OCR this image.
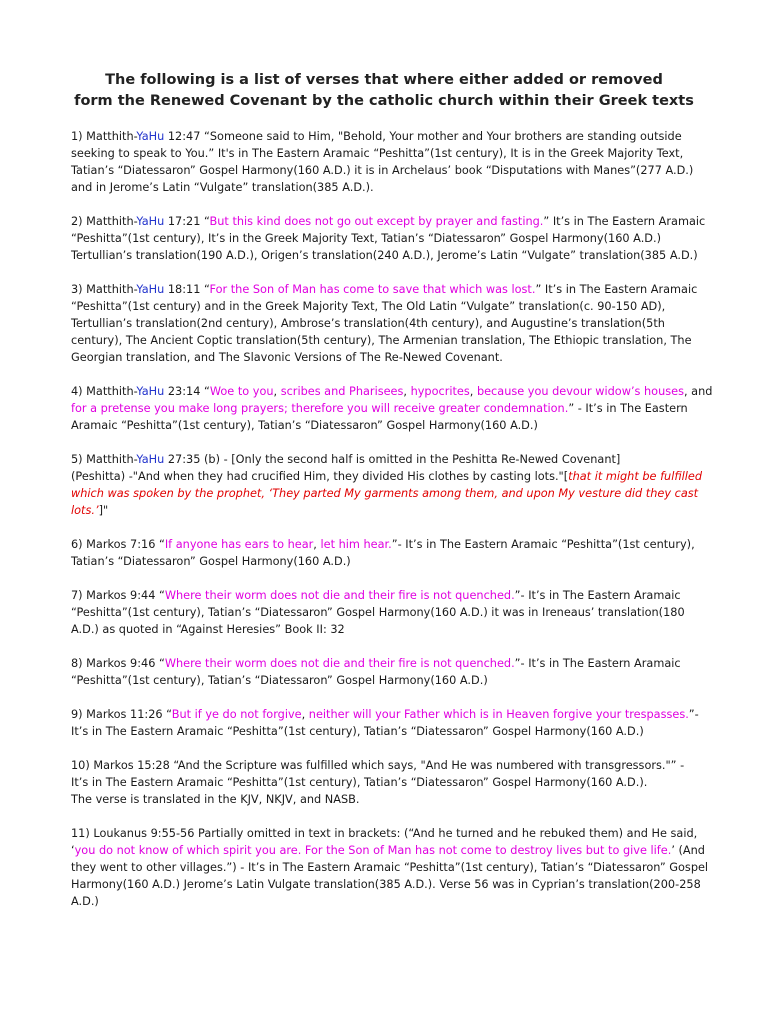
The following is a list of verses that where either added or removed
form the Renewed Covenant by the catholic church within their Greek texts
1) Matthith-YaHu 12:47 “Someone said to Him, "Behold, Your mother and Your brothers are standing outside
seeking to speak to You.” It's in The Eastern Aramaic “Peshitta”(1st century), It is in the Greek Majority Text,
Tatian’s “Diatessaron” Gospel Harmony(160 A.D.) it is in Archelaus’ book “Disputations with Manes”(277 A.D.)
and in Jerome’s Latin “Vulgate” translation(385 A.D.).
2) Matthith-YaHu 17:21 “But this kind does not go out except by prayer and fasting.” It’s in The Eastern Aramaic
“Peshitta”(1st century), It’s in the Greek Majority Text, Tatian’s “Diatessaron” Gospel Harmony(160 A.D.)
Tertullian’s translation(190 A.D.), Origen’s translation(240 A.D.), Jerome’s Latin “Vulgate” translation(385 A.D.)
3) Matthith-YaHu 18:11 “For the Son of Man has come to save that which was lost.” It’s in The Eastern Aramaic
“Peshitta”(1st century) and in the Greek Majority Text, The Old Latin “Vulgate” translation(c. 90-150 AD),
Tertullian’s translation(2nd century), Ambrose’s translation(4th century), and Augustine’s translation(5th
century), The Ancient Coptic translation(5th century), The Armenian translation, The Ethiopic translation, The
Georgian translation, and The Slavonic Versions of The Re-Newed Covenant.
4) Matthith-YaHu 23:14 “Woe to you, scribes and Pharisees, hypocrites, because you devour widow’s houses, and
for a pretense you make long prayers; therefore you will receive greater condemnation.” - It’s in The Eastern
Aramaic “Peshitta”(1st century), Tatian’s “Diatessaron” Gospel Harmony(160 A.D.)
5) Matthith-YaHu 27:35 (b) - [Only the second half is omitted in the Peshitta Re-Newed Covenant]
(Peshitta) -"And when they had crucified Him, they divided His clothes by casting lots."[that it might be fulfilled
which was spoken by the prophet, ‘They parted My garments among them, and upon My vesture did they cast
lots.’]"
6) Markos 7:16 “If anyone has ears to hear, let him hear.”- It’s in The Eastern Aramaic “Peshitta”(1st century),
Tatian’s “Diatessaron” Gospel Harmony(160 A.D.)
7) Markos 9:44 “Where their worm does not die and their fire is not quenched.”- It’s in The Eastern Aramaic
“Peshitta”(1st century), Tatian’s “Diatessaron” Gospel Harmony(160 A.D.) it was in Ireneaus’ translation(180
A.D.) as quoted in “Against Heresies” Book II: 32
8) Markos 9:46 “Where their worm does not die and their fire is not quenched.”- It’s in The Eastern Aramaic
“Peshitta”(1st century), Tatian’s “Diatessaron” Gospel Harmony(160 A.D.)
9) Markos 11:26 “But if ye do not forgive, neither will your Father which is in Heaven forgive your trespasses.”-
It’s in The Eastern Aramaic “Peshitta”(1st century), Tatian’s “Diatessaron” Gospel Harmony(160 A.D.)
10) Markos 15:28 “And the Scripture was fulfilled which says, "And He was numbered with transgressors."” -
It’s in The Eastern Aramaic “Peshitta”(1st century), Tatian’s “Diatessaron” Gospel Harmony(160 A.D.).
The verse is translated in the KJV, NKJV, and NASB.
11) Loukanus 9:55-56 Partially omitted in text in brackets: (“And he turned and he rebuked them) and He said,
‘you do not know of which spirit you are. For the Son of Man has not come to destroy lives but to give life.’ (And
they went to other villages.”) - It’s in The Eastern Aramaic “Peshitta”(1st century), Tatian’s “Diatessaron” Gospel
Harmony(160 A.D.) Jerome’s Latin Vulgate translation(385 A.D.). Verse 56 was in Cyprian’s translation(200-258
A.D.)
